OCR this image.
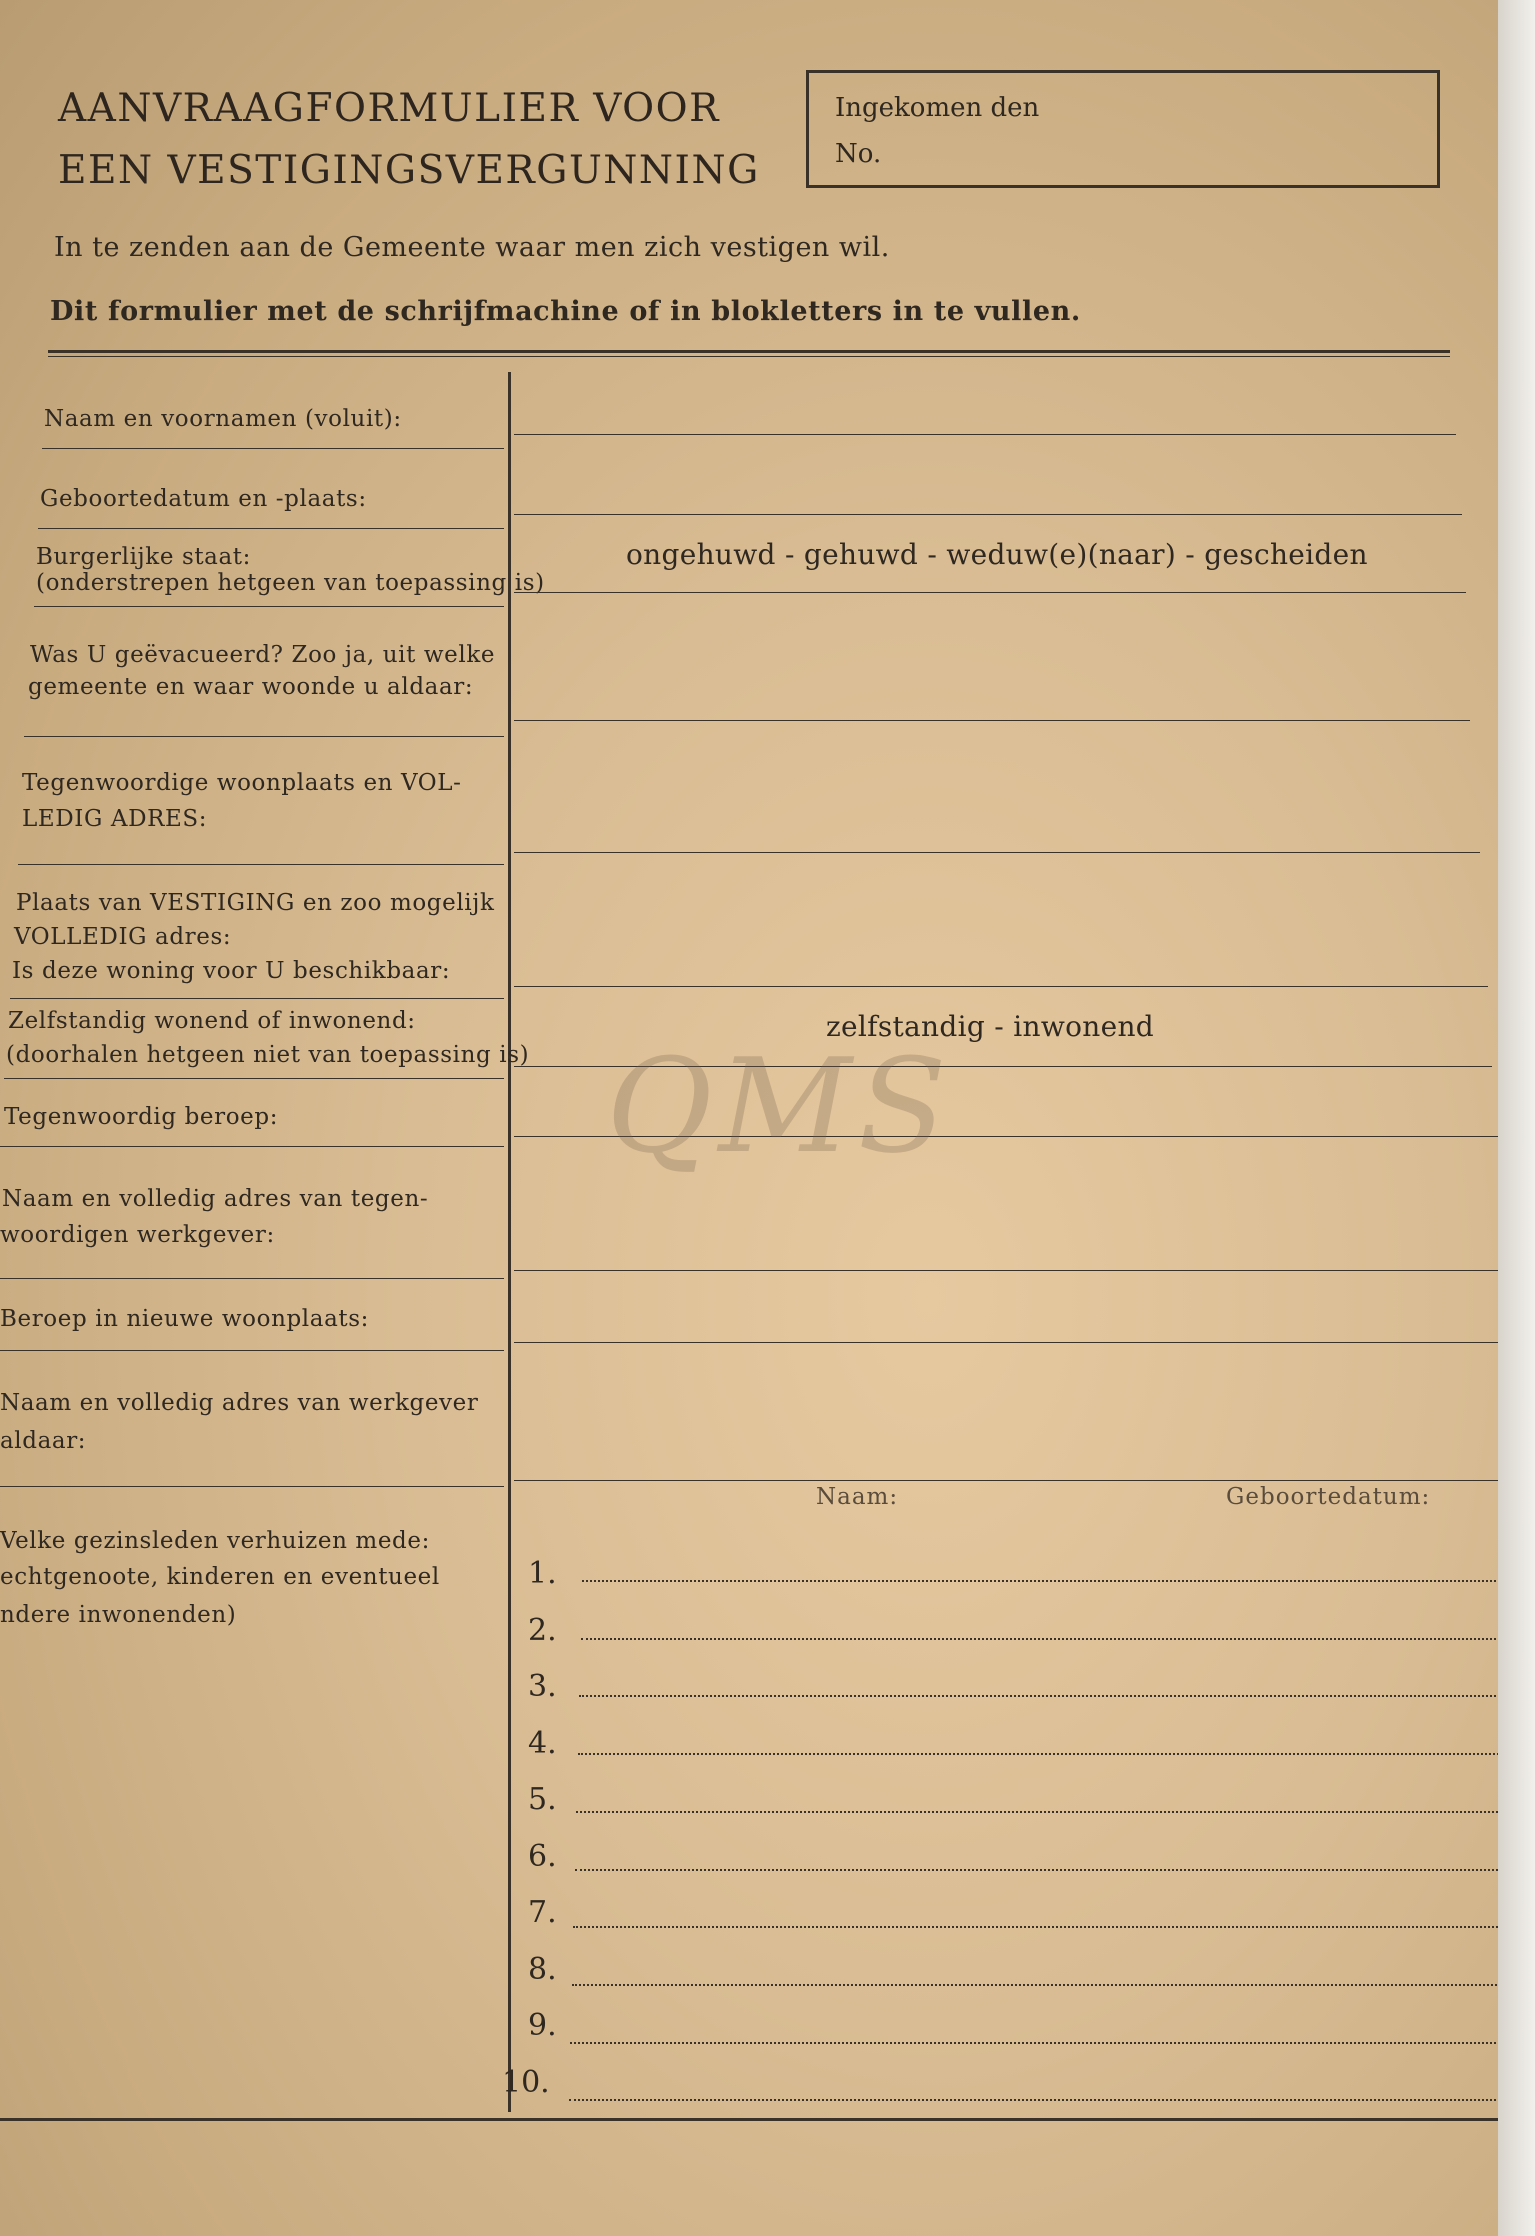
AANVRAAGFORMULIER VOOR
EEN VESTIGINGSVERGUNNING
Ingekomen den
No.
In te zenden aan de Gemeente waar men zich vestigen wil.
Dit formulier met de schrijfmachine of in blokletters in te vullen.
Naam en voornamen (voluit):
Geboortedatum en -plaats:
Burgerlijke staat:
(onderstrepen hetgeen van toepassing is)
ongehuwd - gehuwd - weduw(e)(naar) - gescheiden
Was U geëvacueerd? Zoo ja, uit welke
gemeente en waar woonde u aldaar:
Tegenwoordige woonplaats en VOL-
LEDIG ADRES:
Plaats van VESTIGING en zoo mogelijk
VOLLEDIG adres:
Is deze woning voor U beschikbaar:
Zelfstandig wonend of inwonend:
(doorhalen hetgeen niet van toepassing is)
zelfstandig - inwonend
Tegenwoordig beroep:
Naam en volledig adres van tegen-
woordigen werkgever:
Beroep in nieuwe woonplaats:
Naam en volledig adres van werkgever
aldaar:
Velke gezinsleden verhuizen mede:
echtgenoote, kinderen en eventueel
ndere inwonenden)
Naam:	Geboortedatum:
1.
2.
3.
4.
5.
6.
7.
8.
9.
10.
QMS
